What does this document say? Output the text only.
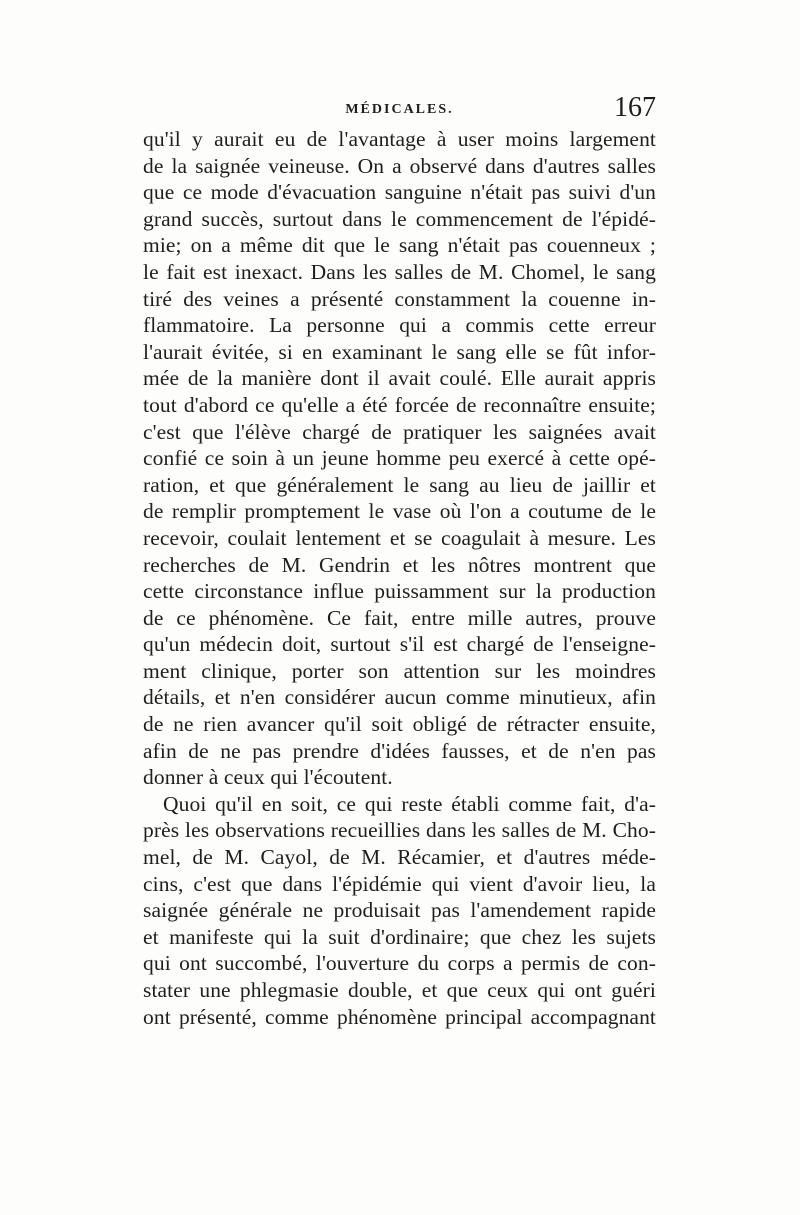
MÉDICALES.	167
qu'il y aurait eu de l'avantage à user moins largement
de la saignée veineuse. On a observé dans d'autres salles
que ce mode d'évacuation sanguine n'était pas suivi d'un
grand succès, surtout dans le commencement de l'épidé-
mie; on a même dit que le sang n'était pas couenneux ;
le fait est inexact. Dans les salles de M. Chomel, le sang
tiré des veines a présenté constamment la couenne in-
flammatoire. La personne qui a commis cette erreur
l'aurait évitée, si en examinant le sang elle se fût infor-
mée de la manière dont il avait coulé. Elle aurait appris
tout d'abord ce qu'elle a été forcée de reconnaître ensuite;
c'est que l'élève chargé de pratiquer les saignées avait
confié ce soin à un jeune homme peu exercé à cette opé-
ration, et que généralement le sang au lieu de jaillir et
de remplir promptement le vase où l'on a coutume de le
recevoir, coulait lentement et se coagulait à mesure. Les
recherches de M. Gendrin et les nôtres montrent que
cette circonstance influe puissamment sur la production
de ce phénomène. Ce fait, entre mille autres, prouve
qu'un médecin doit, surtout s'il est chargé de l'enseigne-
ment clinique, porter son attention sur les moindres
détails, et n'en considérer aucun comme minutieux, afin
de ne rien avancer qu'il soit obligé de rétracter ensuite,
afin de ne pas prendre d'idées fausses, et de n'en pas
donner à ceux qui l'écoutent.
Quoi qu'il en soit, ce qui reste établi comme fait, d'a-
près les observations recueillies dans les salles de M. Cho-
mel, de M. Cayol, de M. Récamier, et d'autres méde-
cins, c'est que dans l'épidémie qui vient d'avoir lieu, la
saignée générale ne produisait pas l'amendement rapide
et manifeste qui la suit d'ordinaire; que chez les sujets
qui ont succombé, l'ouverture du corps a permis de con-
stater une phlegmasie double, et que ceux qui ont guéri
ont présenté, comme phénomène principal accompagnant
